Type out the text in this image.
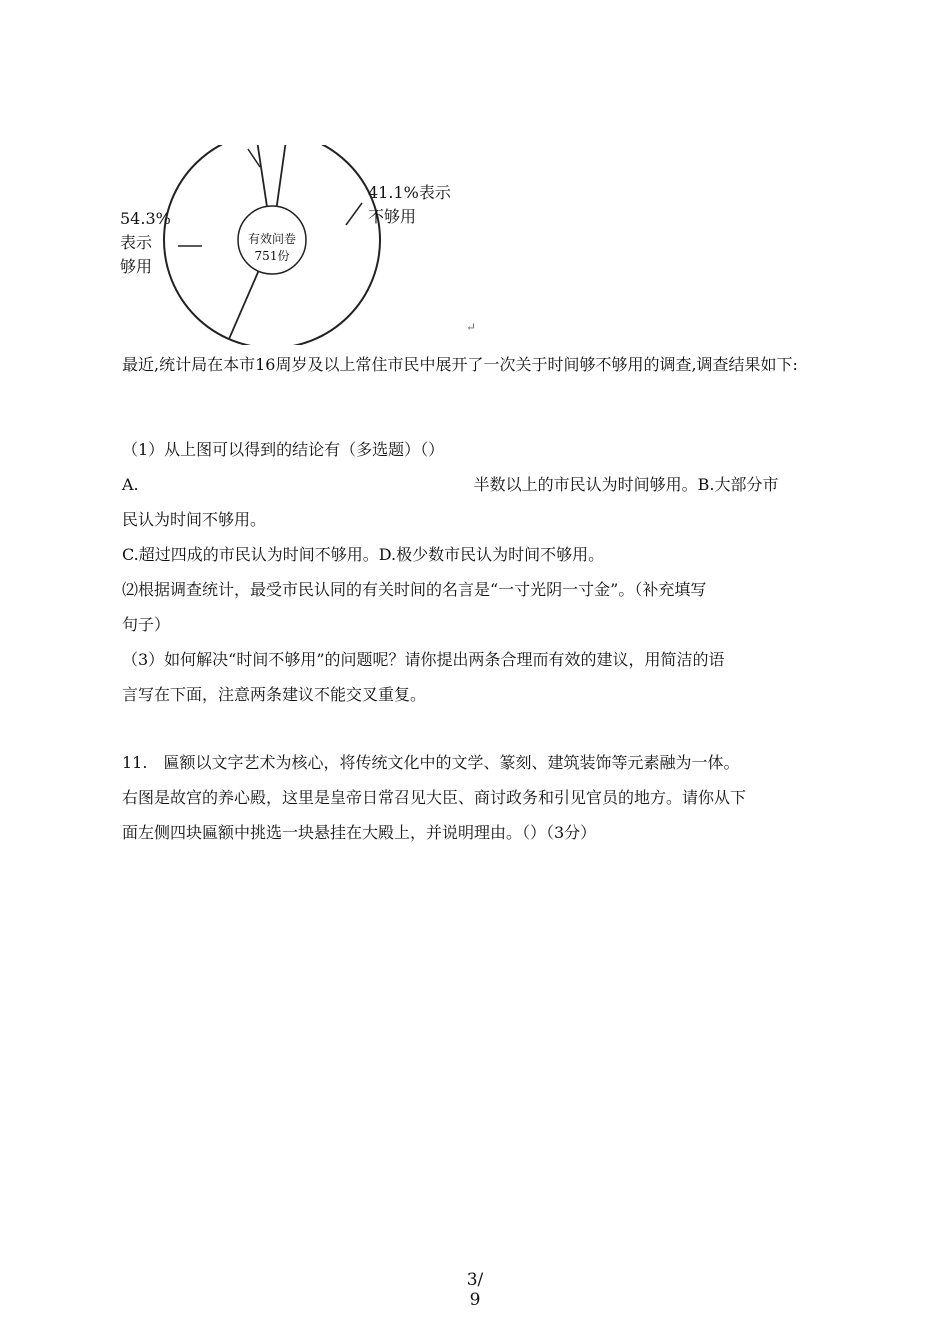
54.3%
表示
够用
41.1%表示
不够用
有效问卷
751份
↵

最近,统计局在本市16周岁及以上常住市民中展开了一次关于时间够不够用的调查,调查结果如下:

（1）从上图可以得到的结论有（多选题）（）

A.	半数以上的市民认为时间够用。B.大部分市

民认为时间不够用。

C.超过四成的市民认为时间不够用。D.极少数市民认为时间不够用。

⑵根据调查统计，最受市民认同的有关时间的名言是“一寸光阴一寸金”。（补充填写

句子）

（3）如何解决“时间不够用”的问题呢？请你提出两条合理而有效的建议，用简洁的语

言写在下面，注意两条建议不能交叉重复。

11.　匾额以文字艺术为核心，将传统文化中的文学、篆刻、建筑装饰等元素融为一体。

右图是故宫的养心殿，这里是皇帝日常召见大臣、商讨政务和引见官员的地方。请你从下

面左侧四块匾额中挑选一块悬挂在大殿上，并说明理由。（）（3分）

3/
9
